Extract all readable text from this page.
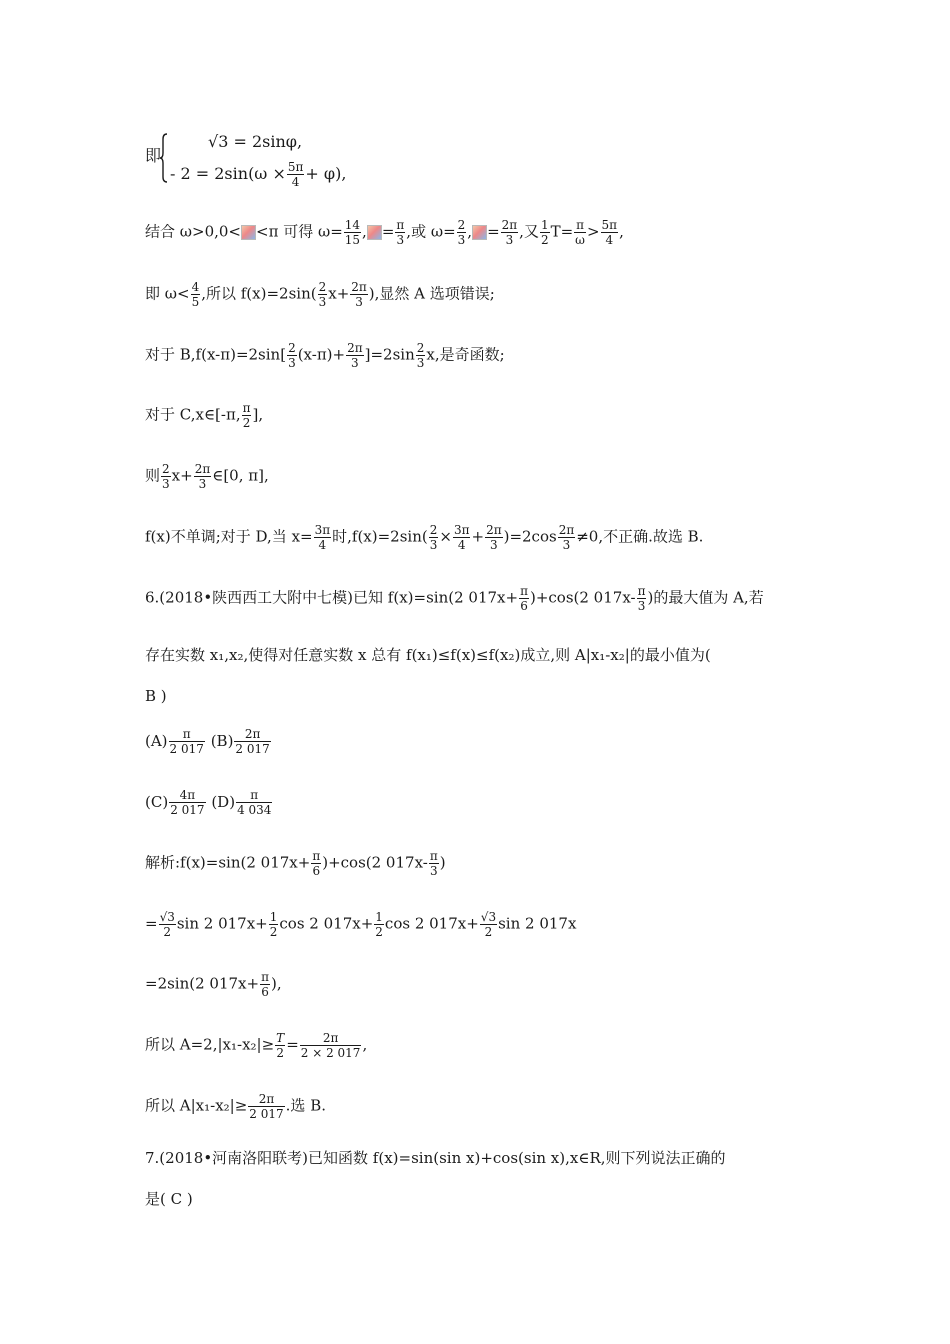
即
√3 = 2sinφ,
- $2 = 2\sin(\omega \times \frac{5\pi}{4} + \varphi)$,
结合 ω>0,0< <π 可得 $\omega= \frac{14}{15}$ , = $\frac{\pi}{3}$ ,或 $\omega= \frac{2}{3}$ , = $\frac{2\pi}{3}$ ,又 $\frac{1}{2} T= \frac{\pi}{\omega} > \frac{5\pi}{4}$ ,
即 $\omega< \frac{4}{5}$ ,所以 $f(x)=2\sin( \frac{2}{3} x+ \frac{2\pi}{3}$ ),显然 A 选项错误;
对于 $B,f(x-\pi)=2\sin[ \frac{2}{3} (x-\pi)+ \frac{2\pi}{3} ]=2\sin \frac{2}{3} x$,是奇函数;
对于 C,x∈[-π, $\frac{\pi}{2}$ ],
则 $\frac{2}{3} x+ \frac{2\pi}{3}$ ∈[0, π],
f(x)不单调;对于 D,当 $x= \frac{3\pi}{4}$ 时$,f(x)=2\sin( \frac{2}{3} \times \frac{3\pi}{4} + \frac{2\pi}{3} )=2\cos \frac{2\pi}{3} \ne 0$,不正确.故选 B.
6.(2018•陕西西工大附中七模)已知 f(x)=sin(2 $017x+ \frac{\pi}{6} )+\cos(2$ $017x- \frac{\pi}{3}$ )的最大值为 A,若
存在实数 x₁,x₂,使得对任意实数 x 总有 f(x₁)≤f(x)≤f(x₂)成立,则 A|x₁-x₂|的最小值为(
B )
$(A) \frac{\pi}{2 017} (B) \frac{2\pi}{2 017}$
$(C) \frac{4\pi}{2 017} (D) \frac{\pi}{4 034}$
解析:f(x)=sin(2 $017x+ \frac{\pi}{6} )+\cos(2$ $017x- \frac{\pi}{3}$ )
= $\frac{√3}{2}$ sin 2 $017x+ \frac{1}{2}$ cos 2 $017x+ \frac{1}{2}$ cos 2 $017x+ \frac{√3}{2}$ sin 2 017x
=2sin(2 $017x+ \frac{\pi}{6}$ ),
所以 $A=2,|x_1-x_2|\ge \frac{T}{2} = \frac{2\pi}{2 \times 2 017}$ ,
所以 $A|x_1-x_2|\ge \frac{2\pi}{2 017}$ .选 B.
7.(2018•河南洛阳联考)已知函数 f(x)=sin(sin x)+cos(sin x),x∈R,则下列说法正确的
是( C )
